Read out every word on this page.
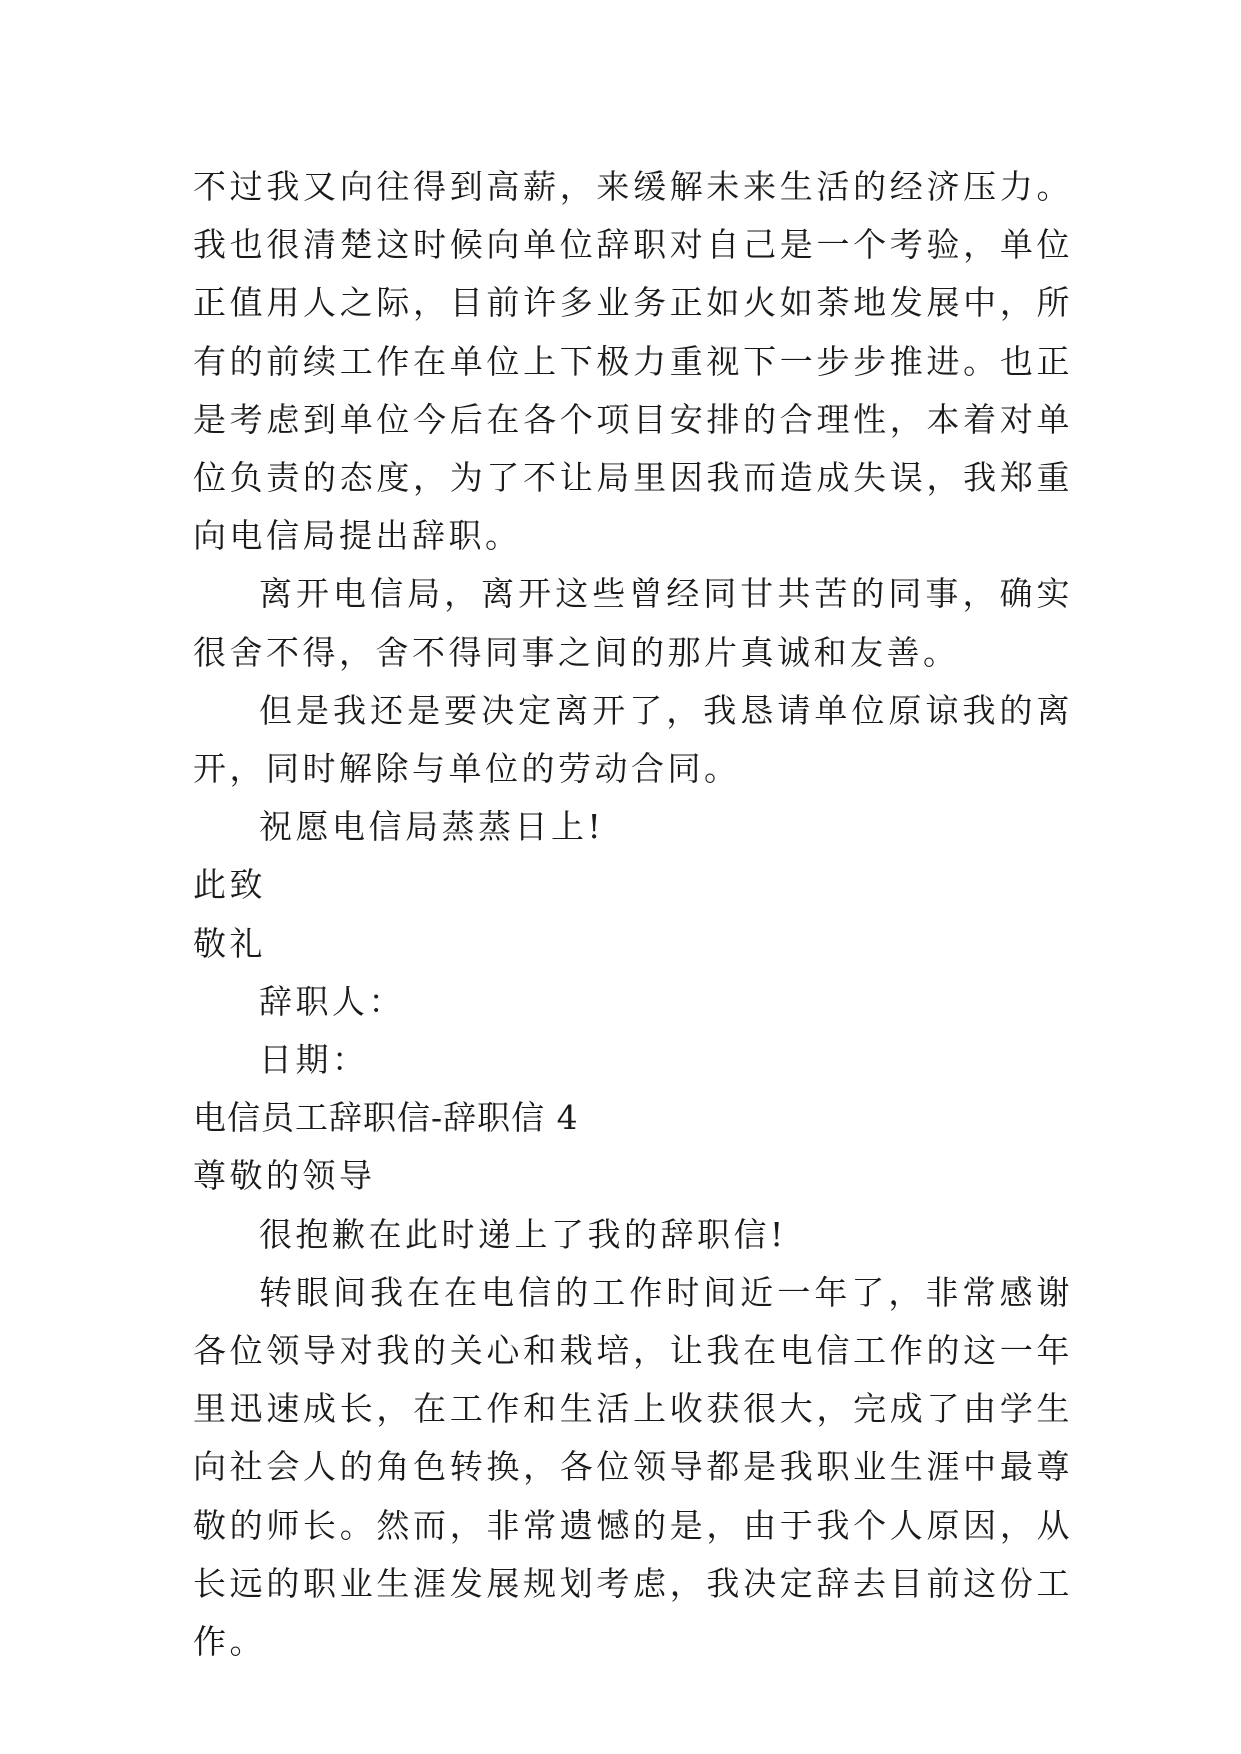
不过我又向往得到高薪，来缓解未来生活的经济压力。我也很清楚这时候向单位辞职对自己是一个考验，单位正值用人之际，目前许多业务正如火如荼地发展中，所有的前续工作在单位上下极力重视下一步步推进。也正是考虑到单位今后在各个项目安排的合理性，本着对单位负责的态度，为了不让局里因我而造成失误，我郑重向电信局提出辞职。

离开电信局，离开这些曾经同甘共苦的同事，确实很舍不得，舍不得同事之间的那片真诚和友善。

但是我还是要决定离开了，我恳请单位原谅我的离开，同时解除与单位的劳动合同。

祝愿电信局蒸蒸日上!

此致

敬礼

辞职人：

日期：

电信员工辞职信-辞职信 4

尊敬的领导

很抱歉在此时递上了我的辞职信!

转眼间我在在电信的工作时间近一年了，非常感谢各位领导对我的关心和栽培，让我在电信工作的这一年里迅速成长，在工作和生活上收获很大，完成了由学生向社会人的角色转换，各位领导都是我职业生涯中最尊敬的师长。然而，非常遗憾的是，由于我个人原因，从长远的职业生涯发展规划考虑，我决定辞去目前这份工作。
